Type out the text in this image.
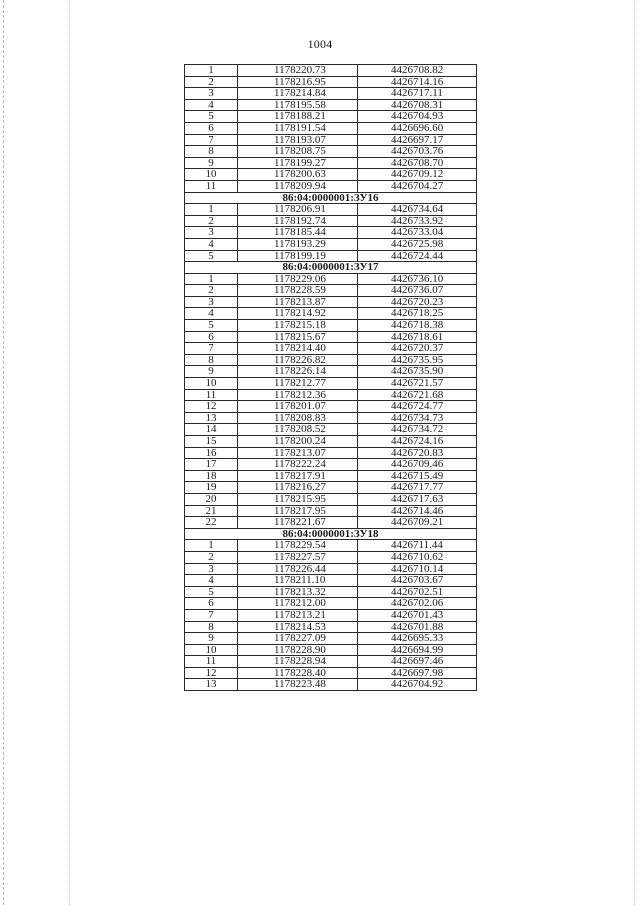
1004
1	1178220.73	4426708.82
2	1178216.95	4426714.16
3	1178214.84	4426717.11
4	1178195.58	4426708.31
5	1178188.21	4426704.93
6	1178191.54	4426696.60
7	1178193.07	4426697.17
8	1178208.75	4426703.76
9	1178199.27	4426708.70
10	1178200.63	4426709.12
11	1178209.94	4426704.27
86:04:0000001:ЗУ16		
1	1178206.91	4426734.64
2	1178192.74	4426733.92
3	1178185.44	4426733.04
4	1178193.29	4426725.98
5	1178199.19	4426724.44
86:04:0000001:ЗУ17		
1	1178229.06	4426736.10
2	1178228.59	4426736.07
3	1178213.87	4426720.23
4	1178214.92	4426718.25
5	1178215.18	4426718.38
6	1178215.67	4426718.61
7	1178214.40	4426720.37
8	1178226.82	4426735.95
9	1178226.14	4426735.90
10	1178212.77	4426721.57
11	1178212.36	4426721.68
12	1178201.07	4426724.77
13	1178208.83	4426734.73
14	1178208.52	4426734.72
15	1178200.24	4426724.16
16	1178213.07	4426720.83
17	1178222.24	4426709.46
18	1178217.91	4426715.49
19	1178216.27	4426717.77
20	1178215.95	4426717.63
21	1178217.95	4426714.46
22	1178221.67	4426709.21
86:04:0000001:ЗУ18		
1	1178229.54	4426711.44
2	1178227.57	4426710.62
3	1178226.44	4426710.14
4	1178211.10	4426703.67
5	1178213.32	4426702.51
6	1178212.00	4426702.06
7	1178213.21	4426701.43
8	1178214.53	4426701.88
9	1178227.09	4426695.33
10	1178228.90	4426694.99
11	1178228.94	4426697.46
12	1178228.40	4426697.98
13	1178223.48	4426704.92
